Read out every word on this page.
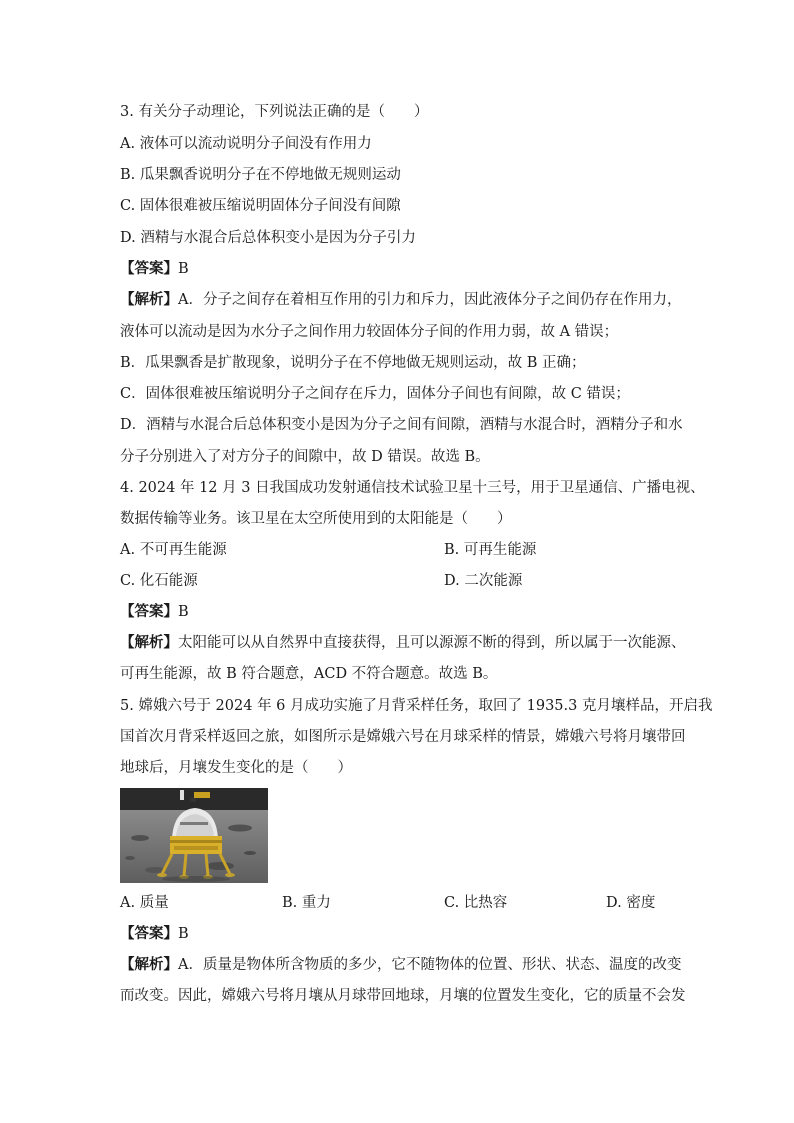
3. 有关分子动理论，下列说法正确的是（　　）
A. 液体可以流动说明分子间没有作用力
B. 瓜果飘香说明分子在不停地做无规则运动
C. 固体很难被压缩说明固体分子间没有间隙
D. 酒精与水混合后总体积变小是因为分子引力
【答案】B
【解析】A．分子之间存在着相互作用的引力和斥力，因此液体分子之间仍存在作用力，
液体可以流动是因为水分子之间作用力较固体分子间的作用力弱，故 A 错误；
B．瓜果飘香是扩散现象，说明分子在不停地做无规则运动，故 B 正确；
C．固体很难被压缩说明分子之间存在斥力，固体分子间也有间隙，故 C 错误；
D．酒精与水混合后总体积变小是因为分子之间有间隙，酒精与水混合时，酒精分子和水
分子分别进入了对方分子的间隙中，故 D 错误。故选 B。
4. 2024 年 12 月 3 日我国成功发射通信技术试验卫星十三号，用于卫星通信、广播电视、
数据传输等业务。该卫星在太空所使用到的太阳能是（　　）
A. 不可再生能源	B. 可再生能源
C. 化石能源	D. 二次能源
【答案】B
【解析】太阳能可以从自然界中直接获得，且可以源源不断的得到，所以属于一次能源、
可再生能源，故 B 符合题意，ACD 不符合题意。故选 B。
5. 嫦娥六号于 2024 年 6 月成功实施了月背采样任务，取回了 1935.3 克月壤样品，开启我
国首次月背采样返回之旅，如图所示是嫦娥六号在月球采样的情景，嫦娥六号将月壤带回
地球后，月壤发生变化的是（　　）
A. 质量	B. 重力	C. 比热容	D. 密度
【答案】B
【解析】A．质量是物体所含物质的多少，它不随物体的位置、形状、状态、温度的改变
而改变。因此，嫦娥六号将月壤从月球带回地球，月壤的位置发生变化，它的质量不会发
